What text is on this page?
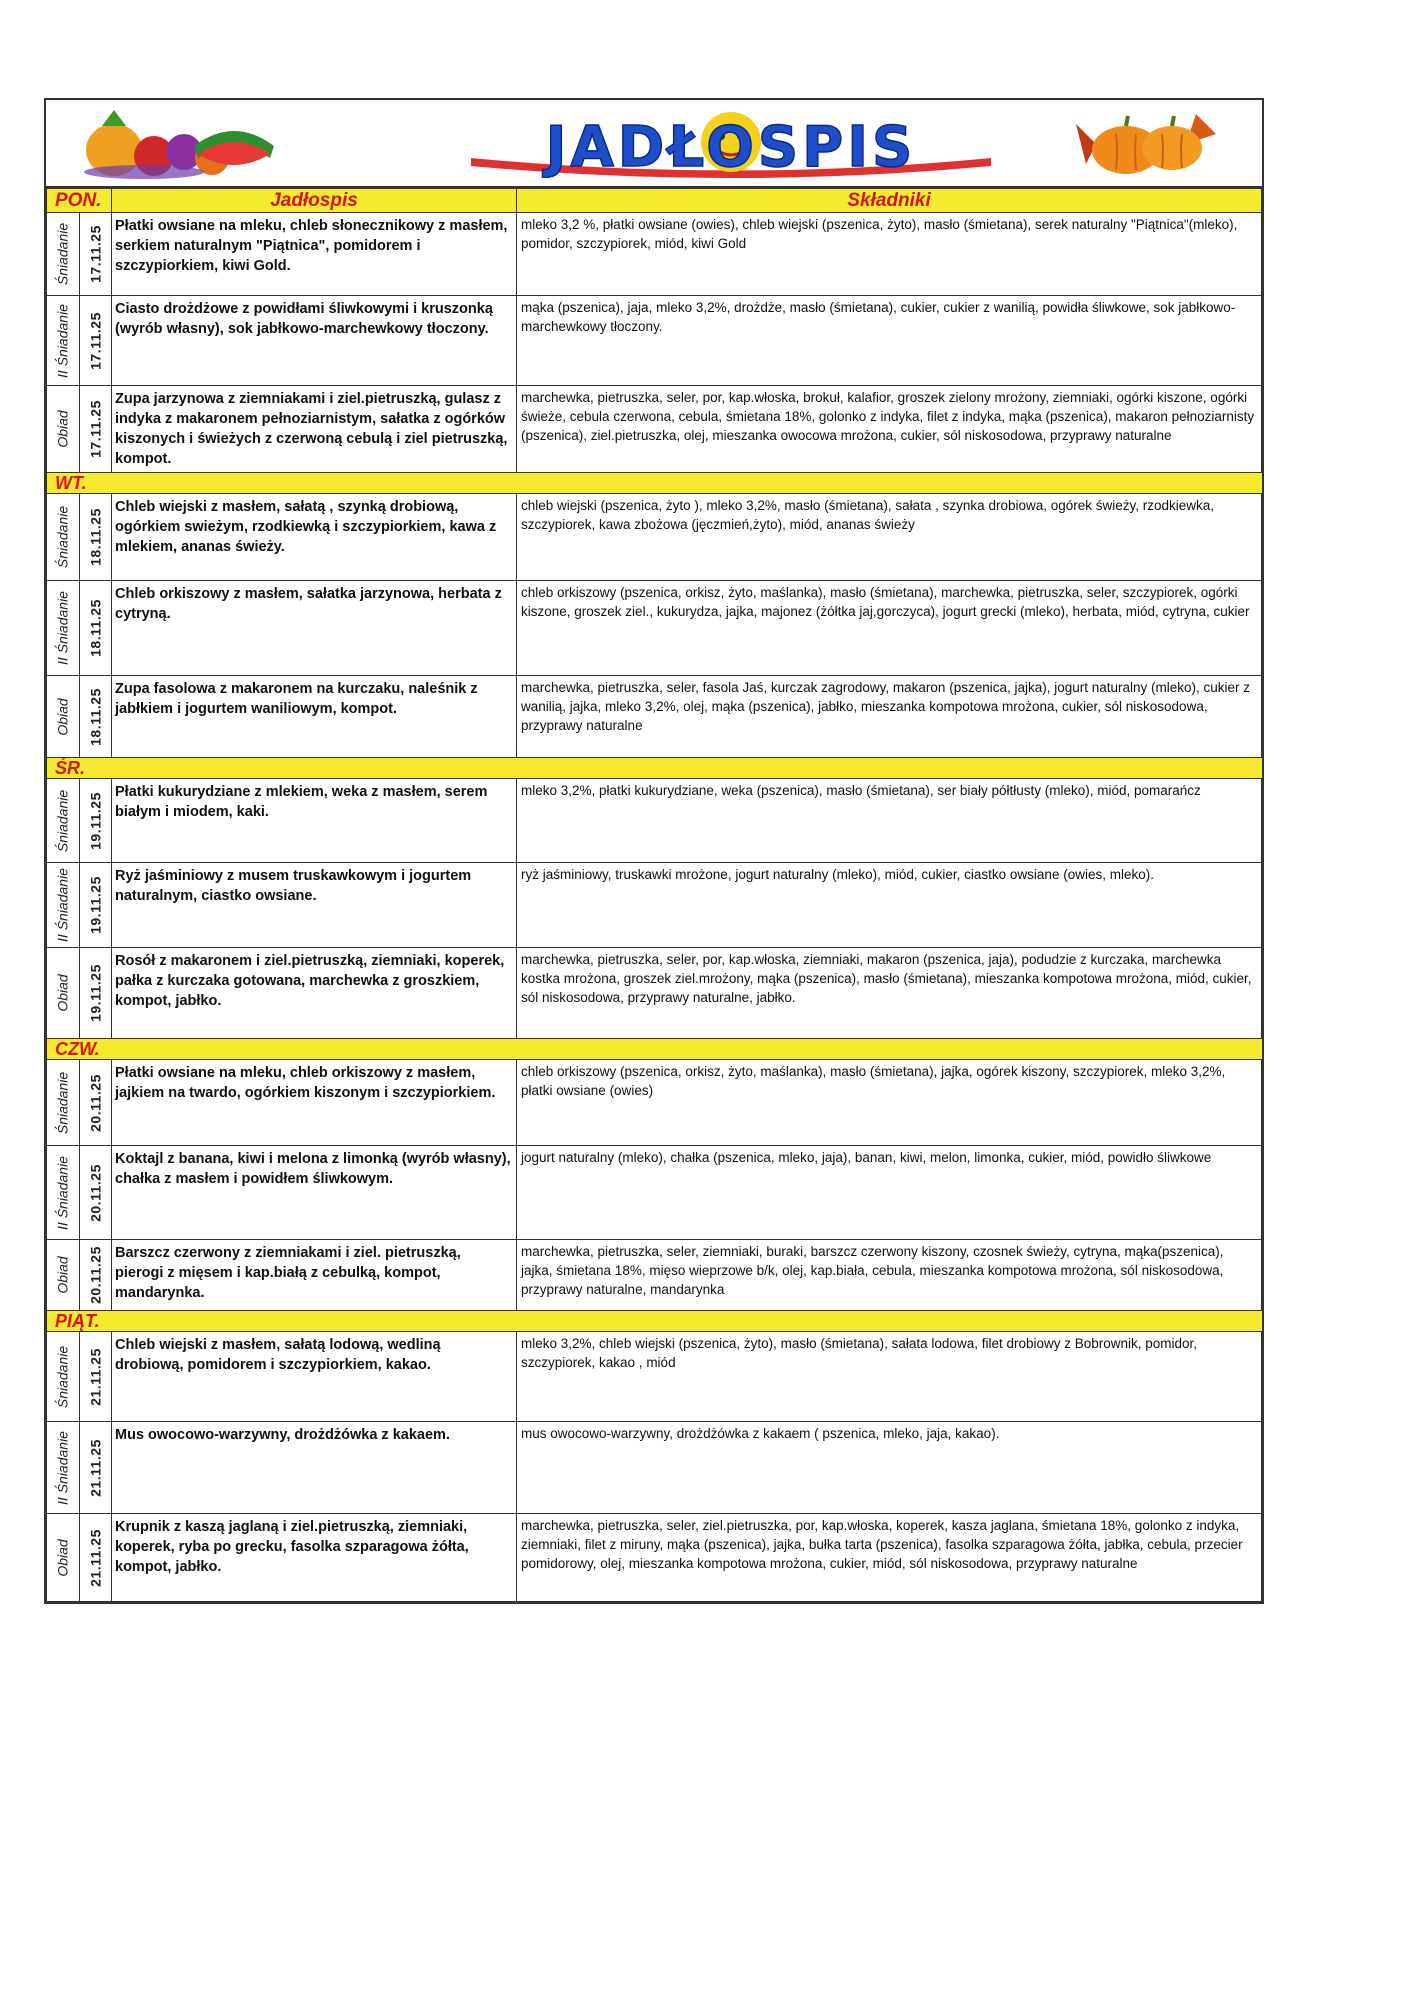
JADŁOSPIS
PON.		Jadłospis	Składniki

Śniadanie	17.11.25	Płatki owsiane na mleku, chleb słonecznikowy z masłem, serkiem naturalnym "Piątnica", pomidorem i szczypiorkiem, kiwi Gold.	mleko 3,2 %, płatki owsiane (owies), chleb wiejski (pszenica, żyto), masło (śmietana), serek naturalny "Piątnica"(mleko), pomidor, szczypiorek, miód, kiwi Gold

II Śniadanie	17.11.25	Ciasto drożdżowe z powidłami śliwkowymi i kruszonką (wyrób własny), sok jabłkowo-marchewkowy tłoczony.	mąka (pszenica), jaja, mleko 3,2%, drożdże, masło (śmietana), cukier, cukier z wanilią, powidła śliwkowe, sok jabłkowo-marchewkowy tłoczony.

Obiad	17.11.25	Zupa jarzynowa z ziemniakami i ziel.pietruszką, gulasz z indyka z makaronem pełnoziarnistym, sałatka z ogórków kiszonych i świeżych z czerwoną cebulą i ziel pietruszką, kompot.	marchewka, pietruszka, seler, por, kap.włoska, brokuł, kalafior, groszek zielony mrożony, ziemniaki, ogórki kiszone, ogórki świeże, cebula czerwona, cebula, śmietana 18%, golonko z indyka, filet z indyka, mąka (pszenica), makaron pełnoziarnisty (pszenica), ziel.pietruszka, olej, mieszanka owocowa mrożona, cukier, sól niskosodowa, przyprawy naturalne
WT.			

Śniadanie	18.11.25	Chleb wiejski z masłem, sałatą , szynką drobiową, ogórkiem swieżym, rzodkiewką i szczypiorkiem, kawa z mlekiem, ananas świeży.	chleb wiejski (pszenica, żyto ), mleko 3,2%, masło (śmietana), sałata , szynka drobiowa, ogórek świeży, rzodkiewka, szczypiorek, kawa zbożowa (jęczmień,żyto), miód, ananas świeży

II Śniadanie	18.11.25	Chleb orkiszowy z masłem, sałatka jarzynowa, herbata z cytryną.	chleb orkiszowy (pszenica, orkisz, żyto, maślanka), masło (śmietana), marchewka, pietruszka, seler, szczypiorek, ogórki kiszone, groszek ziel., kukurydza, jajka, majonez (żółtka jaj,gorczyca), jogurt grecki (mleko), herbata, miód, cytryna, cukier

Obiad	18.11.25	Zupa fasolowa z makaronem na kurczaku, naleśnik z jabłkiem i jogurtem waniliowym, kompot.	marchewka, pietruszka, seler, fasola Jaś, kurczak zagrodowy, makaron (pszenica, jajka), jogurt naturalny (mleko), cukier z wanilią, jajka, mleko 3,2%, olej, mąka (pszenica), jabłko, mieszanka kompotowa mrożona, cukier, sól niskosodowa, przyprawy naturalne
ŚR.			

Śniadanie	19.11.25	Płatki kukurydziane z mlekiem, weka z masłem, serem białym i miodem, kaki.	mleko 3,2%, płatki kukurydziane, weka (pszenica), masło (śmietana), ser biały półtłusty (mleko), miód, pomarańcz

II Śniadanie	19.11.25	Ryż jaśminiowy z musem truskawkowym i jogurtem naturalnym, ciastko owsiane.	ryż jaśminiowy, truskawki mrożone, jogurt naturalny (mleko), miód, cukier, ciastko owsiane (owies, mleko).

Obiad	19.11.25	Rosół z makaronem i ziel.pietruszką, ziemniaki, koperek, pałka z kurczaka gotowana, marchewka z groszkiem, kompot, jabłko.	marchewka, pietruszka, seler, por, kap.włoska, ziemniaki, makaron (pszenica, jaja), podudzie z kurczaka, marchewka kostka mrożona, groszek ziel.mrożony, mąka (pszenica), masło (śmietana), mieszanka kompotowa mrożona, miód, cukier, sól niskosodowa, przyprawy naturalne, jabłko.
CZW.			

Śniadanie	20.11.25	Płatki owsiane na mleku, chleb orkiszowy z masłem, jajkiem na twardo, ogórkiem kiszonym i szczypiorkiem.	chleb orkiszowy (pszenica, orkisz, żyto, maślanka), masło (śmietana), jajka, ogórek kiszony, szczypiorek, mleko 3,2%, płatki owsiane (owies)

II Śniadanie	20.11.25	Koktajl z banana, kiwi i melona z limonką (wyrób własny), chałka z masłem i powidłem śliwkowym.	jogurt naturalny (mleko), chałka (pszenica, mleko, jaja), banan, kiwi, melon, limonka, cukier, miód, powidło śliwkowe

Obiad	20.11.25	Barszcz czerwony z ziemniakami i ziel. pietruszką, pierogi z mięsem i kap.białą z cebulką, kompot, mandarynka.	marchewka, pietruszka, seler, ziemniaki, buraki, barszcz czerwony kiszony, czosnek świeży, cytryna, mąka(pszenica), jajka, śmietana 18%, mięso wieprzowe b/k, olej, kap.biała, cebula, mieszanka kompotowa mrożona, sól niskosodowa, przyprawy naturalne, mandarynka
PIĄT.			

Śniadanie	21.11.25	Chleb wiejski z masłem, sałatą lodową, wedliną drobiową, pomidorem i szczypiorkiem, kakao.	mleko 3,2%, chleb wiejski (pszenica, żyto), masło (śmietana), sałata lodowa, filet drobiowy z Bobrownik, pomidor, szczypiorek, kakao , miód

II Śniadanie	21.11.25	Mus owocowo-warzywny, drożdżówka z kakaem.	mus owocowo-warzywny, drożdżówka z kakaem ( pszenica, mleko, jaja, kakao).

Obiad	21.11.25	Krupnik z kaszą jaglaną i ziel.pietruszką, ziemniaki, koperek, ryba po grecku, fasolka szparagowa żółta, kompot, jabłko.	marchewka, pietruszka, seler, ziel.pietruszka, por, kap.włoska, koperek, kasza jaglana, śmietana 18%, golonko z indyka, ziemniaki, filet z miruny, mąka (pszenica), jajka, bułka tarta (pszenica), fasolka szparagowa żółta, jabłka, cebula, przecier pomidorowy, olej, mieszanka kompotowa mrożona, cukier, miód, sól niskosodowa, przyprawy naturalne
